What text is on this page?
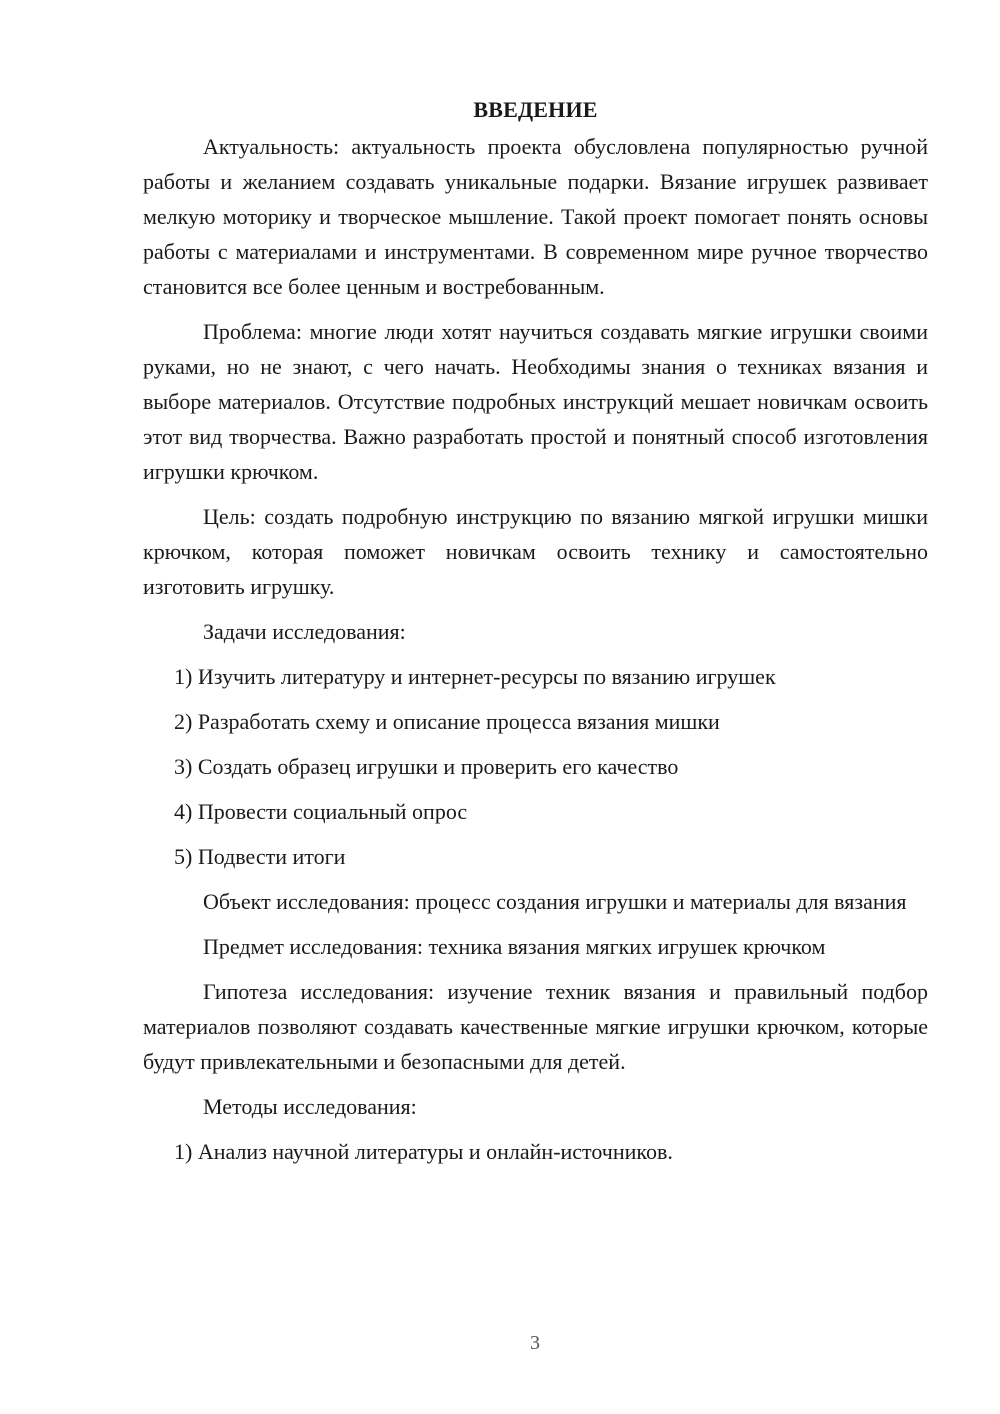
ВВЕДЕНИЕ

Актуальность: актуальность проекта обусловлена популярностью ручной работы и желанием создавать уникальные подарки. Вязание игрушек развивает мелкую моторику и творческое мышление. Такой проект помогает понять основы работы с материалами и инструментами. В современном мире ручное творчество становится все более ценным и востребованным.

Проблема: многие люди хотят научиться создавать мягкие игрушки своими руками, но не знают, с чего начать. Необходимы знания о техниках вязания и выборе материалов. Отсутствие подробных инструкций мешает новичкам освоить этот вид творчества. Важно разработать простой и понятный способ изготовления игрушки крючком.

Цель: создать подробную инструкцию по вязанию мягкой игрушки мишки крючком, которая поможет новичкам освоить технику и самостоятельно изготовить игрушку.

Задачи исследования:

1) Изучить литературу и интернет-ресурсы по вязанию игрушек

2) Разработать схему и описание процесса вязания мишки

3) Создать образец игрушки и проверить его качество

4) Провести социальный опрос

5) Подвести итоги

Объект исследования: процесс создания игрушки и материалы для вязания

Предмет исследования: техника вязания мягких игрушек крючком

Гипотеза исследования: изучение техник вязания и правильный подбор материалов позволяют создавать качественные мягкие игрушки крючком, которые будут привлекательными и безопасными для детей.

Методы исследования:

1) Анализ научной литературы и онлайн-источников.

3
